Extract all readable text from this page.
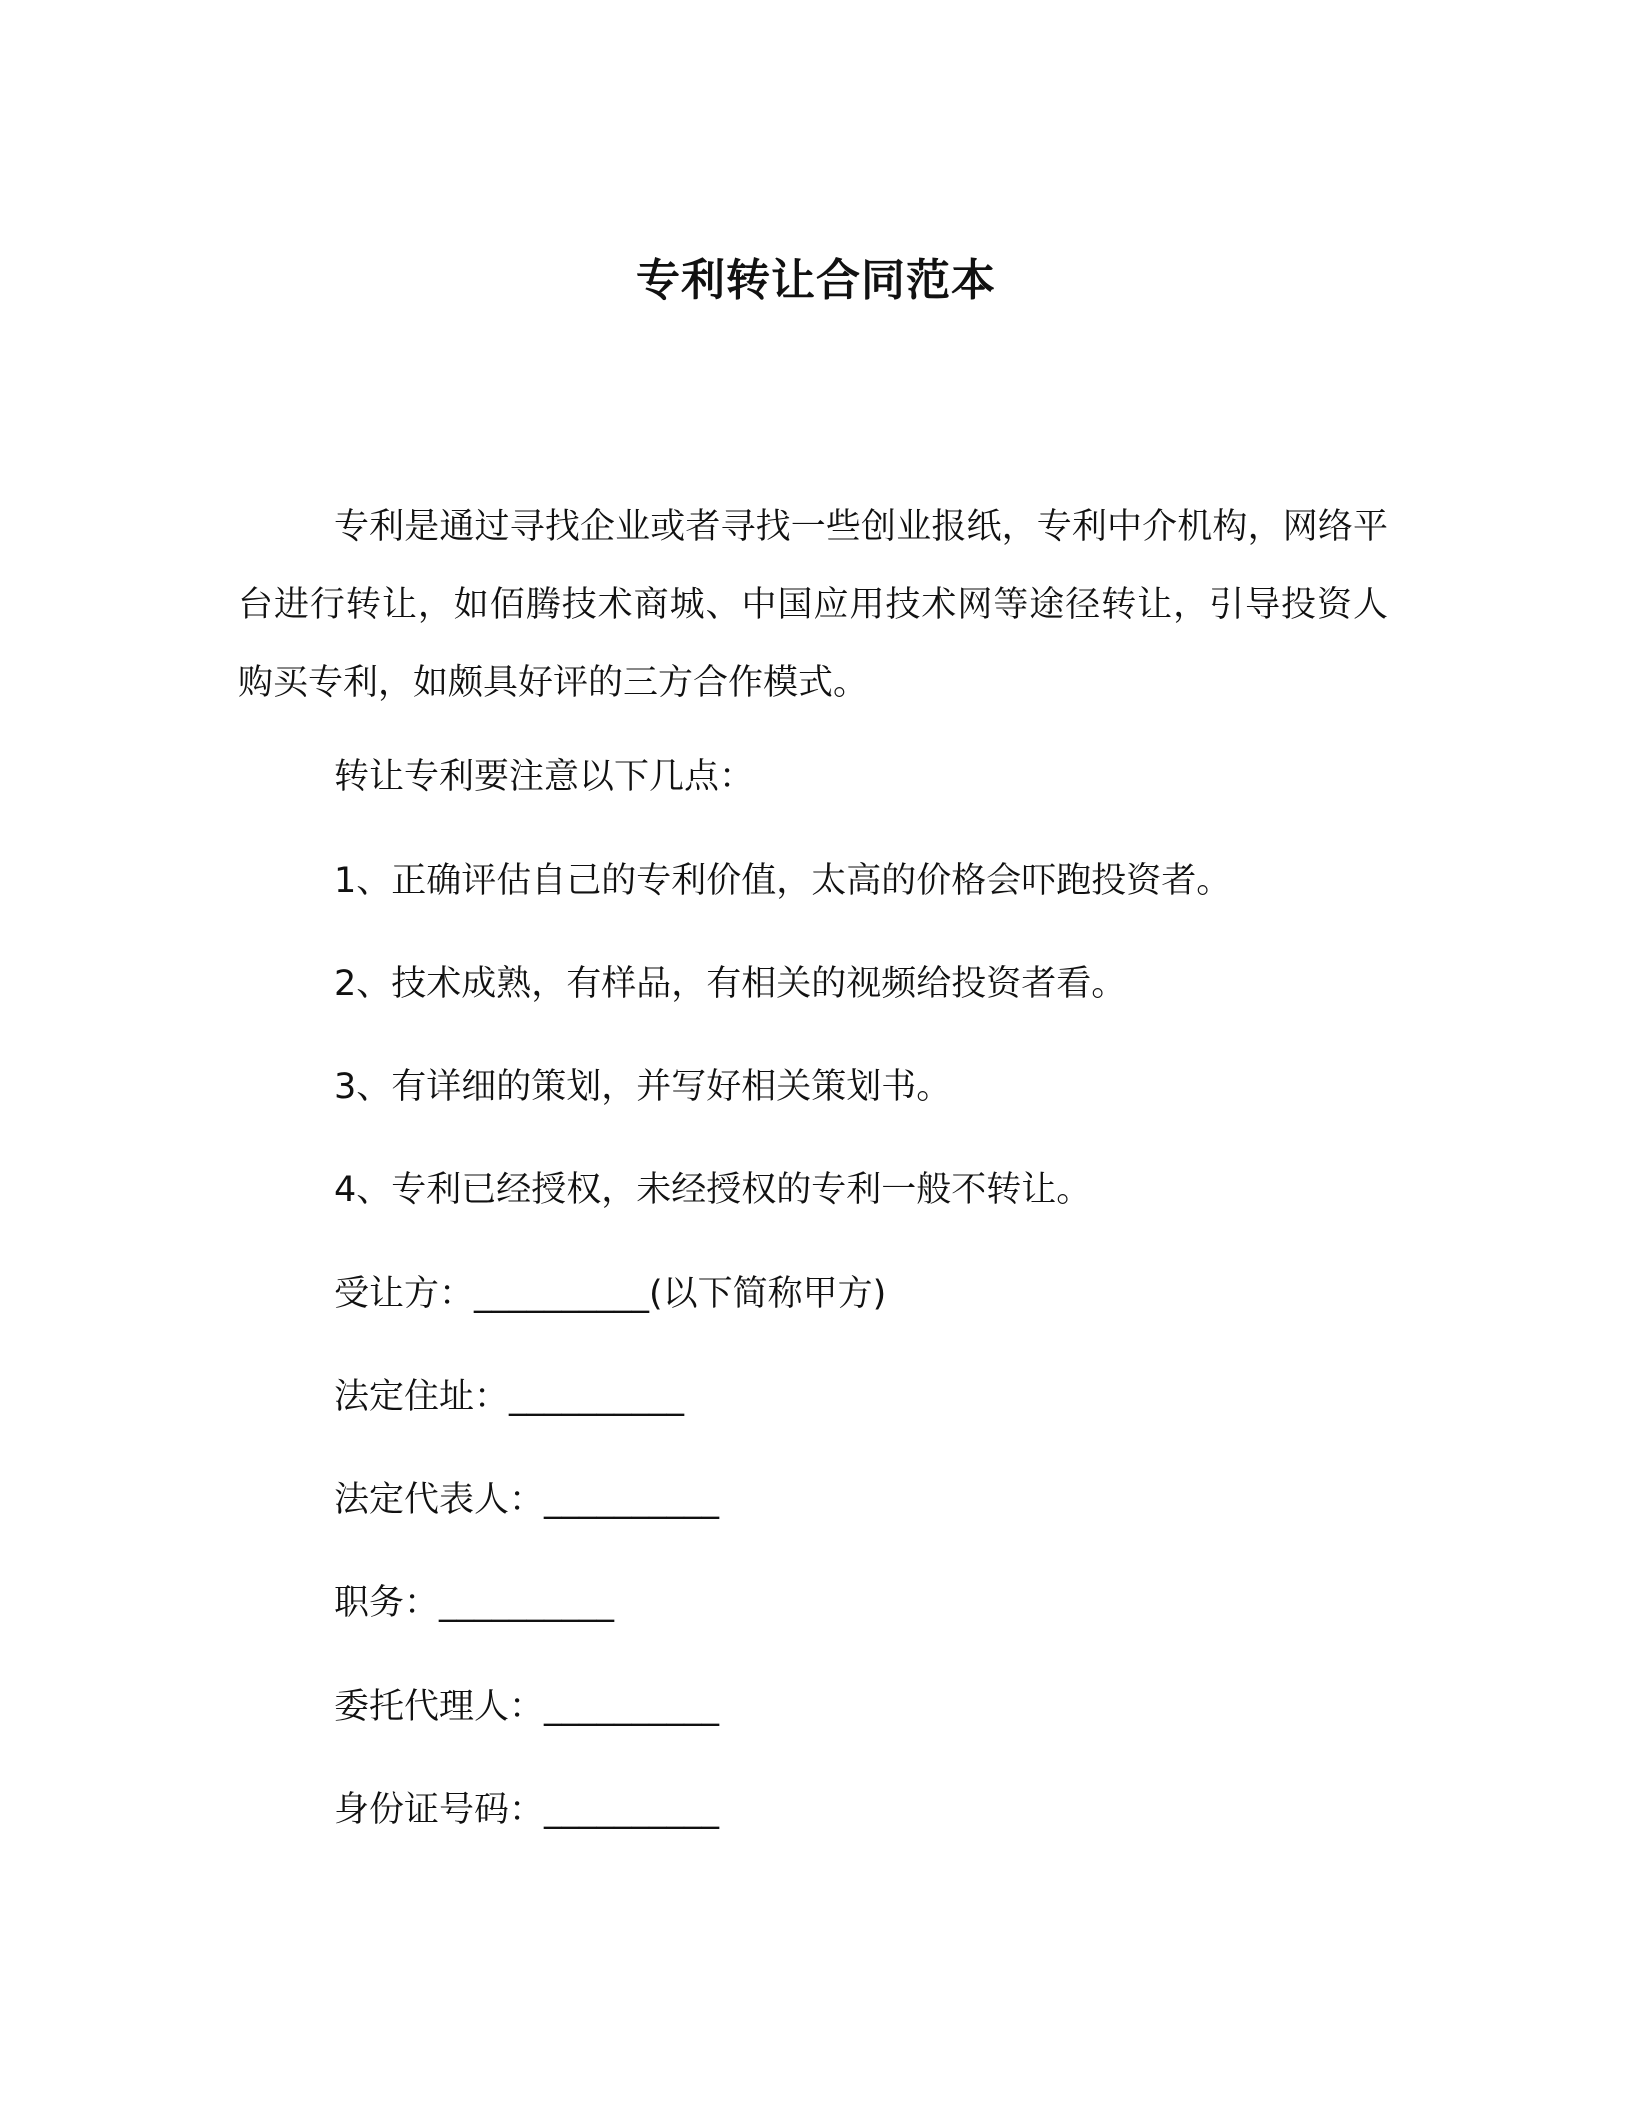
专利转让合同范本

专利是通过寻找企业或者寻找一些创业报纸，专利中介机构，网络平台进行转让，如佰腾技术商城、中国应用技术网等途径转让，引导投资人购买专利，如颇具好评的三方合作模式。

转让专利要注意以下几点：

1、正确评估自己的专利价值，太高的价格会吓跑投资者。

2、技术成熟，有样品，有相关的视频给投资者看。

3、有详细的策划，并写好相关策划书。

4、专利已经授权，未经授权的专利一般不转让。

受让方：__________(以下简称甲方)

法定住址：__________

法定代表人：__________

职务：__________

委托代理人：__________

身份证号码：__________
